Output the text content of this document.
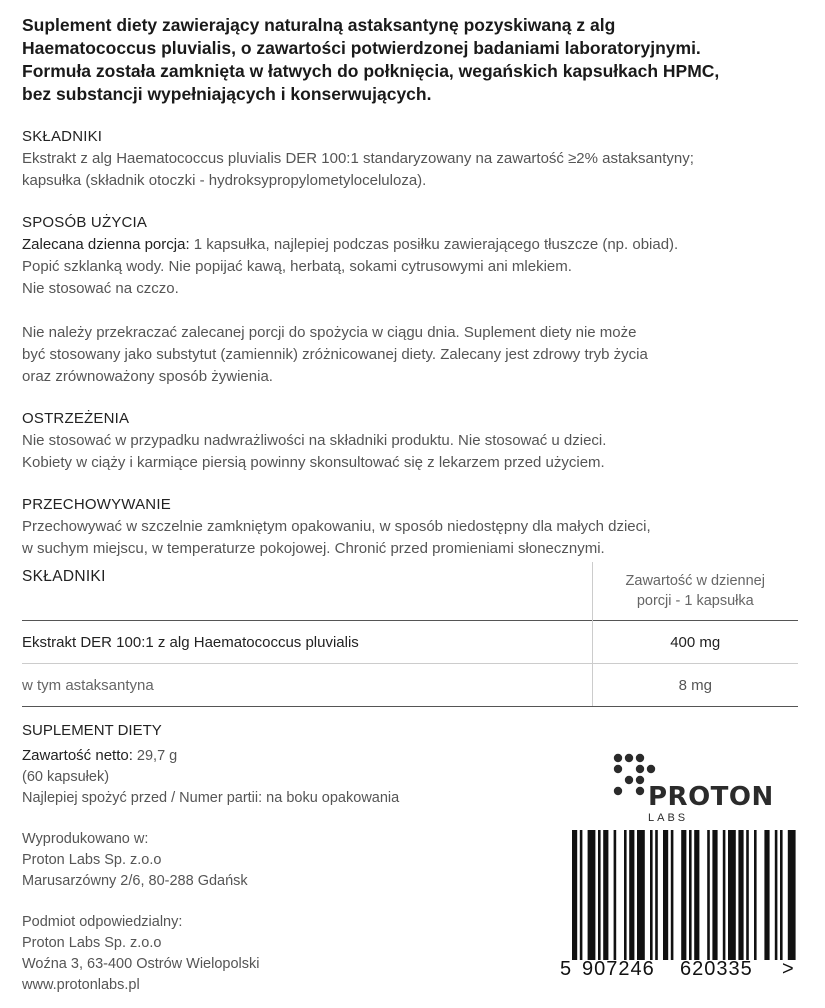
Suplement diety zawierający naturalną astaksantynę pozyskiwaną z alg
Haematococcus pluvialis, o zawartości potwierdzonej badaniami laboratoryjnymi.
Formuła została zamknięta w łatwych do połknięcia, wegańskich kapsułkach HPMC,
bez substancji wypełniających i konserwujących.

SKŁADNIKI

Ekstrakt z alg Haematococcus pluvialis DER 100:1 standaryzowany na zawartość ≥2% astaksantyny;
kapsułka (składnik otoczki - hydroksypropylometyloceluloza).

SPOSÓB UŻYCIA

Zalecana dzienna porcja: 1 kapsułka, najlepiej podczas posiłku zawierającego tłuszcze (np. obiad).
Popić szklanką wody. Nie popijać kawą, herbatą, sokami cytrusowymi ani mlekiem.
Nie stosować na czczo.

Nie należy przekraczać zalecanej porcji do spożycia w ciągu dnia. Suplement diety nie może
być stosowany jako substytut (zamiennik) zróżnicowanej diety. Zalecany jest zdrowy tryb życia
oraz zrównoważony sposób żywienia.

OSTRZEŻENIA

Nie stosować w przypadku nadwrażliwości na składniki produktu. Nie stosować u dzieci.
Kobiety w ciąży i karmiące piersią powinny skonsultować się z lekarzem przed użyciem.

PRZECHOWYWANIE

Przechowywać w szczelnie zamkniętym opakowaniu, w sposób niedostępny dla małych dzieci,
w suchym miejscu, w temperaturze pokojowej. Chronić przed promieniami słonecznymi.

SKŁADNIKI	Zawartość w dziennej
porcji - 1 kapsułka
Ekstrakt DER 100:1 z alg Haematococcus pluvialis	400 mg
w tym astaksantyna	8 mg
SUPLEMENT DIETY
Zawartość netto: 29,7 g
(60 kapsułek)
Najlepiej spożyć przed / Numer partii: na boku opakowania
Wyprodukowano w:
Proton Labs Sp. z.o.o
Marusarzówny 2/6, 80-288 Gdańsk
Podmiot odpowiedzialny:
Proton Labs Sp. z.o.o
Woźna 3, 63-400 Ostrów Wielopolski
www.protonlabs.pl
PROTON
LABS
5 907246 620335 >
